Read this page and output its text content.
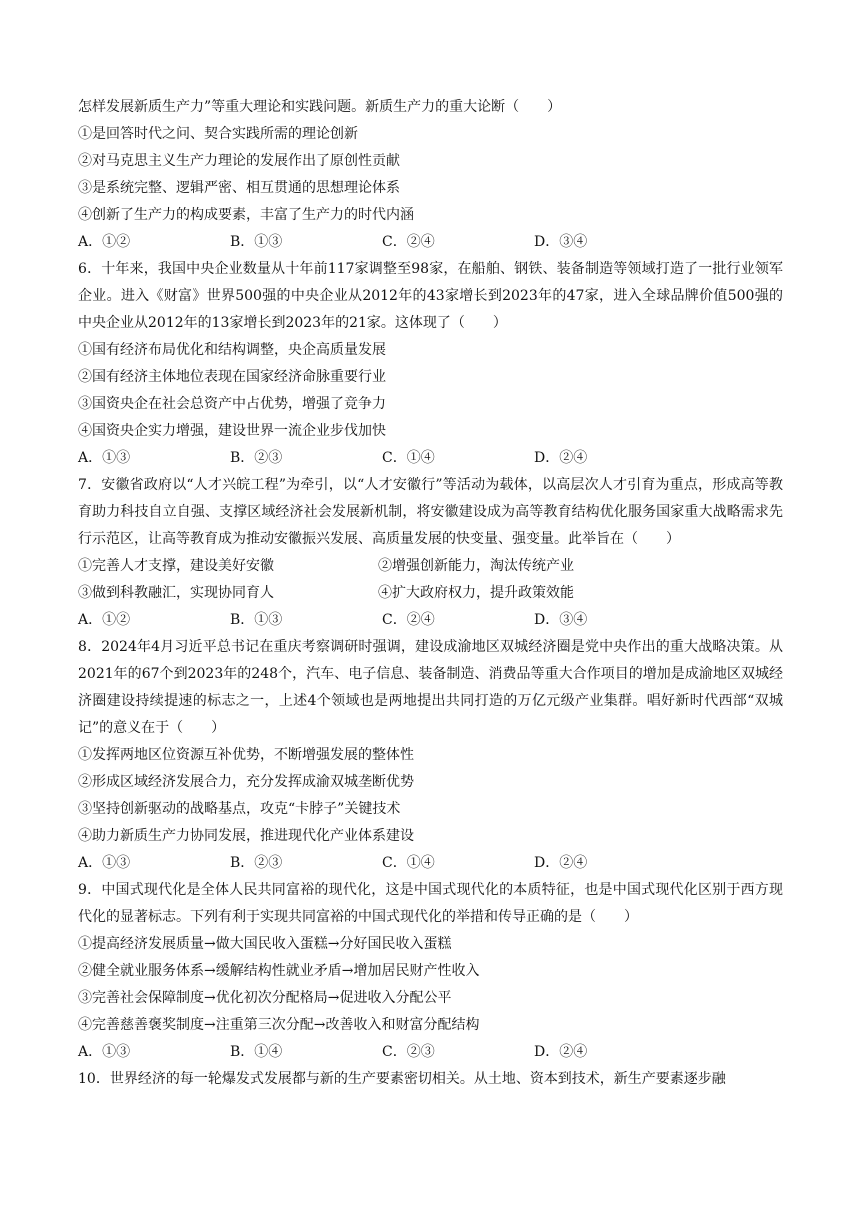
怎样发展新质生产力”等重大理论和实践问题。新质生产力的重大论断（　　）
①是回答时代之问、契合实践所需的理论创新
②对马克思主义生产力理论的发展作出了原创性贡献
③是系统完整、逻辑严密、相互贯通的思想理论体系
④创新了生产力的构成要素，丰富了生产力的时代内涵
A．①②	B．①③	C．②④	D．③④
6．十年来，我国中央企业数量从十年前117家调整至98家，在船舶、钢铁、装备制造等领域打造了一批行业领军企业。进入《财富》世界500强的中央企业从2012年的43家增长到2023年的47家，进入全球品牌价值500强的中央企业从2012年的13家增长到2023年的21家。这体现了（　　）
①国有经济布局优化和结构调整，央企高质量发展
②国有经济主体地位表现在国家经济命脉重要行业
③国资央企在社会总资产中占优势，增强了竞争力
④国资央企实力增强，建设世界一流企业步伐加快
A．①③	B．②③	C．①④	D．②④
7．安徽省政府以“人才兴皖工程”为牵引，以“人才安徽行”等活动为载体，以高层次人才引育为重点，形成高等教育助力科技自立自强、支撑区域经济社会发展新机制，将安徽建设成为高等教育结构优化服务国家重大战略需求先行示范区，让高等教育成为推动安徽振兴发展、高质量发展的快变量、强变量。此举旨在（　　）
①完善人才支撑，建设美好安徽	②增强创新能力，淘汰传统产业
③做到科教融汇，实现协同育人	④扩大政府权力，提升政策效能
A．①②	B．①③	C．②④	D．③④
8．2024年4月习近平总书记在重庆考察调研时强调，建设成渝地区双城经济圈是党中央作出的重大战略决策。从2021年的67个到2023年的248个，汽车、电子信息、装备制造、消费品等重大合作项目的增加是成渝地区双城经济圈建设持续提速的标志之一，上述4个领域也是两地提出共同打造的万亿元级产业集群。唱好新时代西部“双城记”的意义在于（　　）
①发挥两地区位资源互补优势，不断增强发展的整体性
②形成区域经济发展合力，充分发挥成渝双城垄断优势
③坚持创新驱动的战略基点，攻克“卡脖子”关键技术
④助力新质生产力协同发展，推进现代化产业体系建设
A．①③	B．②③	C．①④	D．②④
9．中国式现代化是全体人民共同富裕的现代化，这是中国式现代化的本质特征，也是中国式现代化区别于西方现代化的显著标志。下列有利于实现共同富裕的中国式现代化的举措和传导正确的是（　　）
①提高经济发展质量→做大国民收入蛋糕→分好国民收入蛋糕
②健全就业服务体系→缓解结构性就业矛盾→增加居民财产性收入
③完善社会保障制度→优化初次分配格局→促进收入分配公平
④完善慈善褒奖制度→注重第三次分配→改善收入和财富分配结构
A．①③	B．①④	C．②③	D．②④
10．世界经济的每一轮爆发式发展都与新的生产要素密切相关。从土地、资本到技术，新生产要素逐步融
